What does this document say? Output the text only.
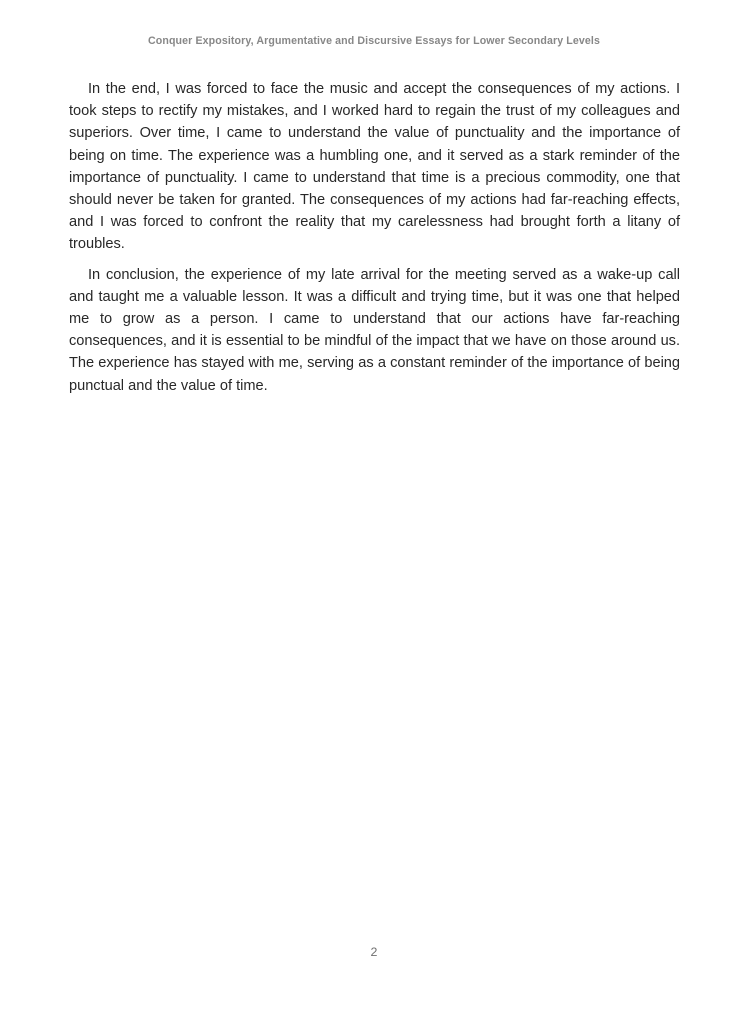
Conquer Expository, Argumentative and Discursive Essays for Lower Secondary Levels

In the end, I was forced to face the music and accept the consequences of my actions. I took steps to rectify my mistakes, and I worked hard to regain the trust of my colleagues and superiors. Over time, I came to understand the value of punctuality and the importance of being on time. The experience was a humbling one, and it served as a stark reminder of the importance of punctuality. I came to understand that time is a precious commodity, one that should never be taken for granted. The consequences of my actions had far-reaching effects, and I was forced to confront the reality that my carelessness had brought forth a litany of troubles.

In conclusion, the experience of my late arrival for the meeting served as a wake-up call and taught me a valuable lesson. It was a difficult and trying time, but it was one that helped me to grow as a person. I came to understand that our actions have far-reaching consequences, and it is essential to be mindful of the impact that we have on those around us. The experience has stayed with me, serving as a constant reminder of the importance of being punctual and the value of time.

2
